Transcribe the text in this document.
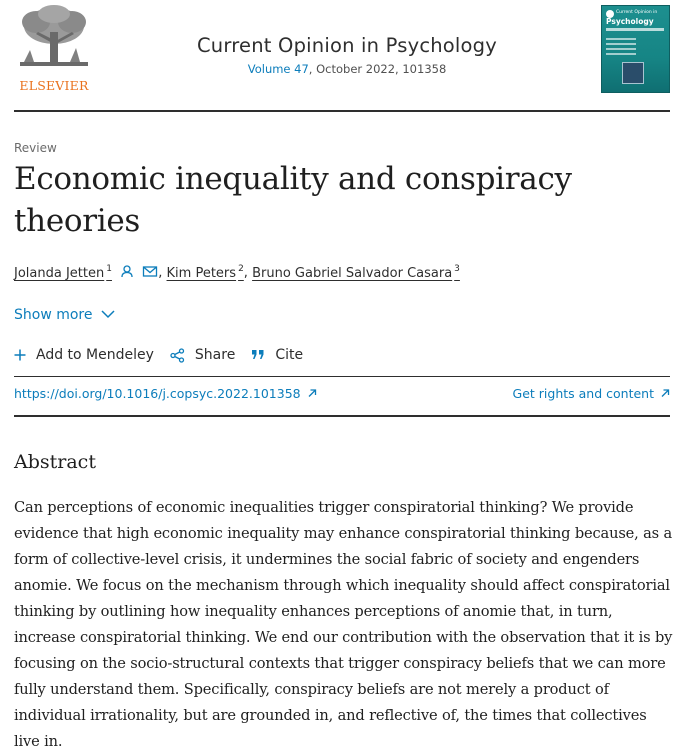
ELSEVIER
Current Opinion in Psychology
Volume 47, October 2022, 101358
Current Opinion in
Psychology
Review
Economic inequality and conspiracy theories
Jolanda Jetten $^1$	, Kim Peters $^2$, Bruno Gabriel Salvador Casara $^3$
Show more
Add to Mendeley	Share	Cite
https://doi.org/10.1016/j.copsyc.2022.101358	Get rights and content
Abstract

Can perceptions of economic inequalities trigger conspiratorial thinking? We provide evidence that high economic inequality may enhance conspiratorial thinking because, as a form of collective-level crisis, it undermines the social fabric of society and engenders anomie. We focus on the mechanism through which inequality should affect conspiratorial thinking by outlining how inequality enhances perceptions of anomie that, in turn, increase conspiratorial thinking. We end our contribution with the observation that it is by focusing on the socio-structural contexts that trigger conspiracy beliefs that we can more fully understand them. Specifically, conspiracy beliefs are not merely a product of individual irrationality, but are grounded in, and reflective of, the times that collectives live in.
